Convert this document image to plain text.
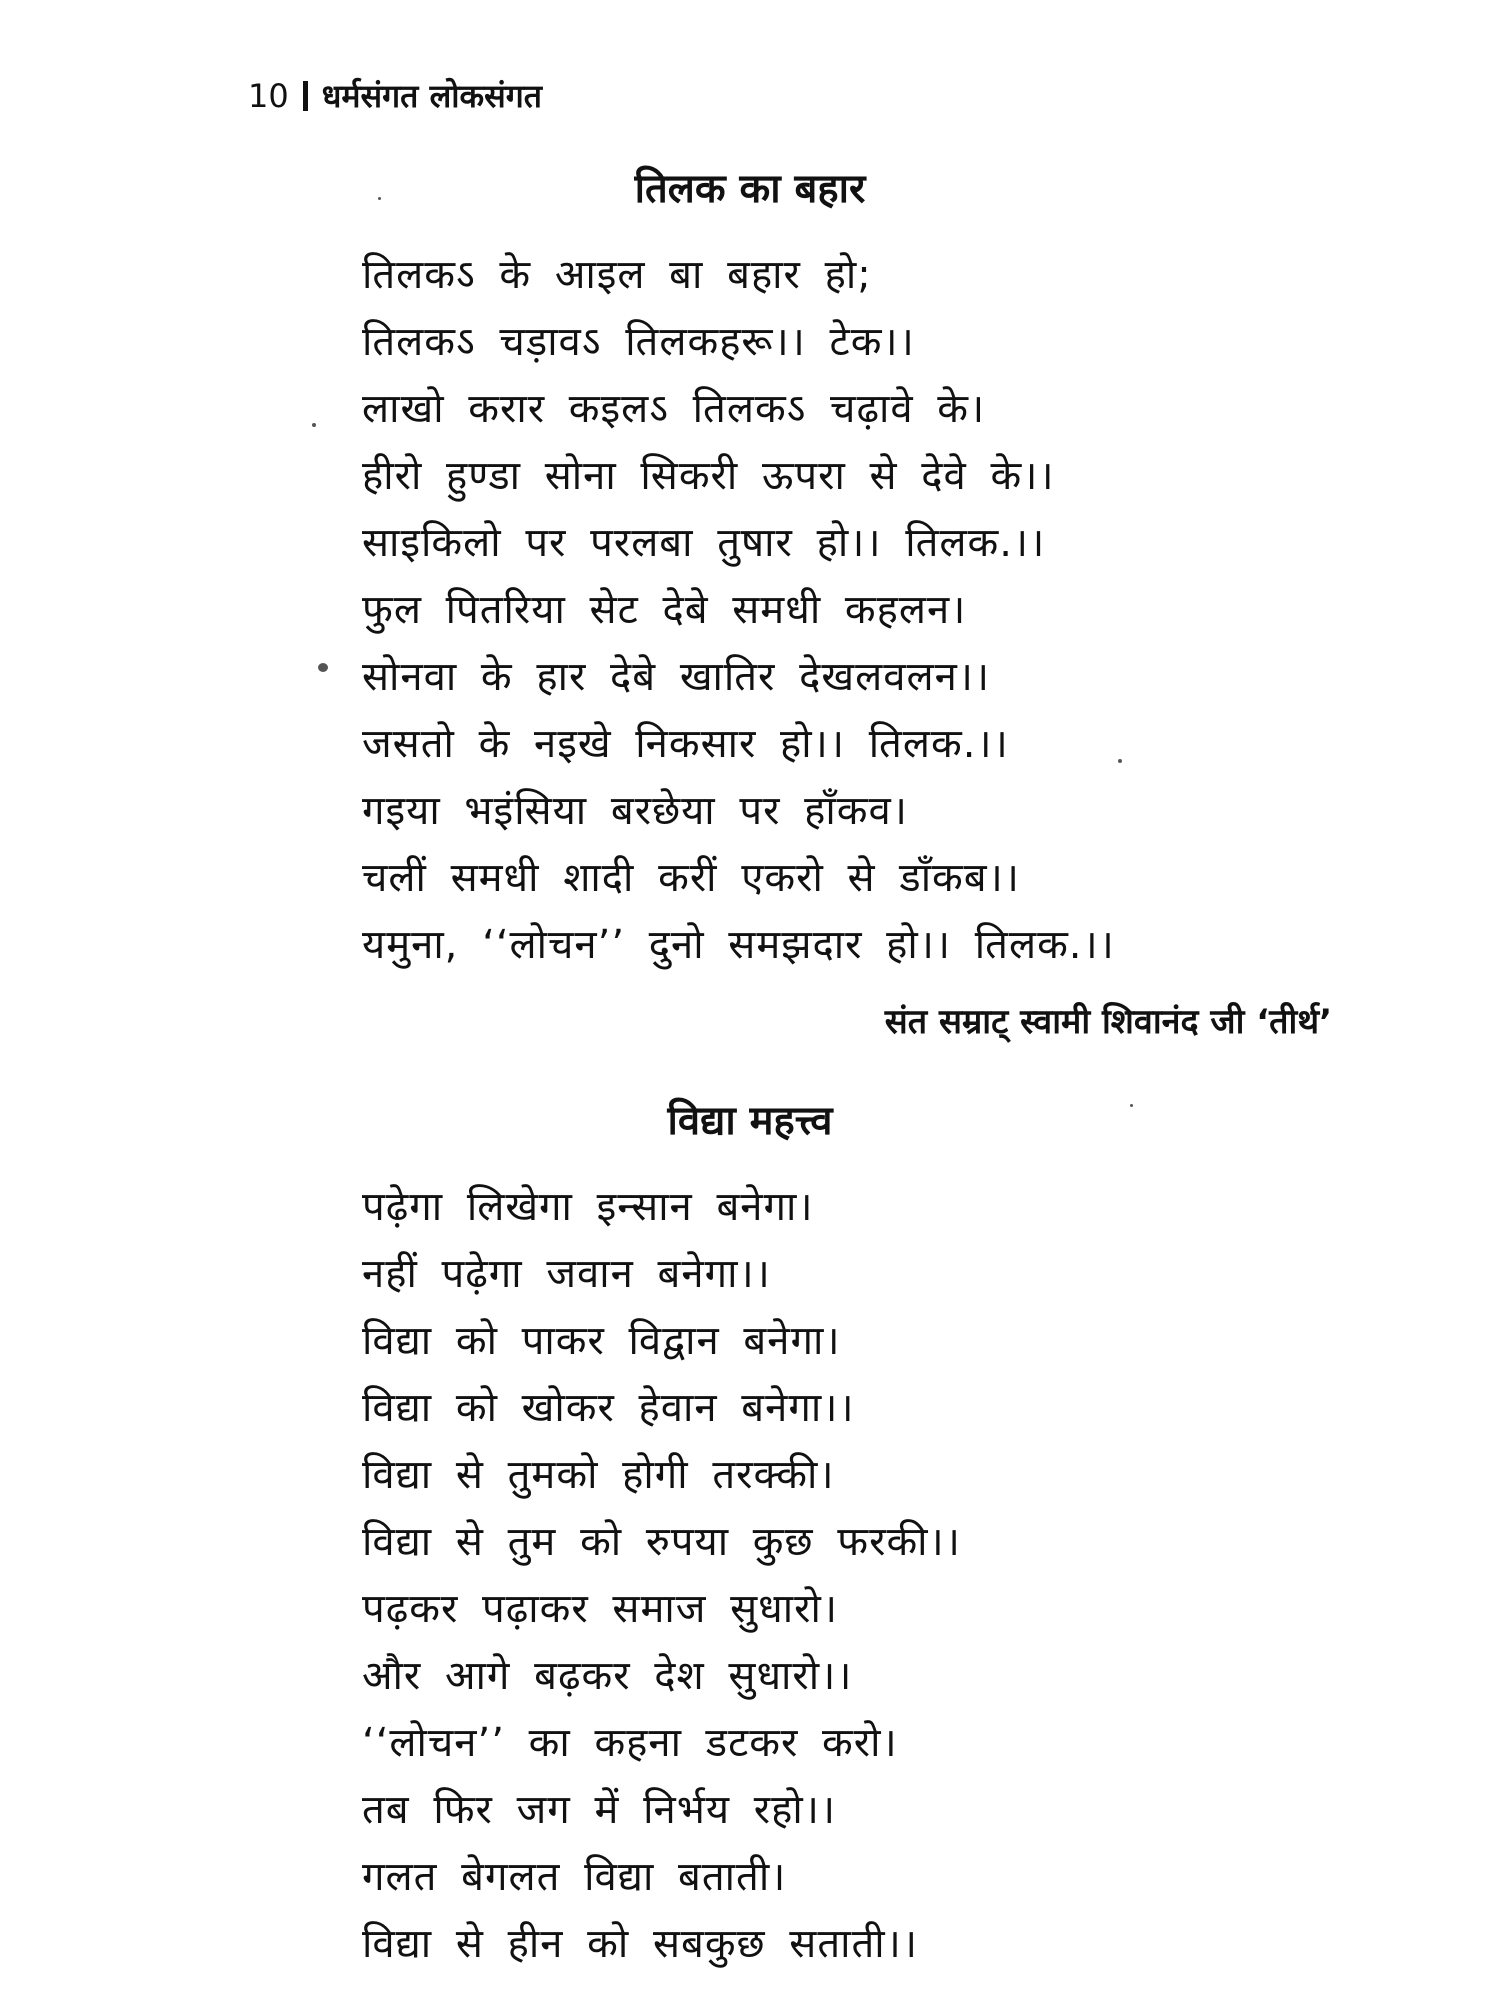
10 धर्मसंगत लोकसंगत
तिलक का बहार
तिलकऽ के आइल बा बहार हो;
तिलकऽ चड़ावऽ तिलकहरू।। टेक।।
लाखो करार कइलऽ तिलकऽ चढ़ावे के।
हीरो हुण्डा सोना सिकरी ऊपरा से देवे के।।
साइकिलो पर परलबा तुषार हो।। तिलक.।।
फुल पितरिया सेट देबे समधी कहलन।
सोनवा के हार देबे खातिर देखलवलन।।
जसतो के नइखे निकसार हो।। तिलक.।।
गइया भइंसिया बरछेया पर हाँकव।
चलीं समधी शादी करीं एकरो से डाँकब।।
यमुना, ‘‘लोचन’’ दुनो समझदार हो।। तिलक.।।
संत सम्राट् स्वामी शिवानंद जी ‘तीर्थ’
विद्या महत्त्व
पढ़ेगा लिखेगा इन्सान बनेगा।
नहीं पढ़ेगा जवान बनेगा।।
विद्या को पाकर विद्वान बनेगा।
विद्या को खोकर हेवान बनेगा।।
विद्या से तुमको होगी तरक्की।
विद्या से तुम को रुपया कुछ फरकी।।
पढ़कर पढ़ाकर समाज सुधारो।
और आगे बढ़कर देश सुधारो।।
‘‘लोचन’’ का कहना डटकर करो।
तब फिर जग में निर्भय रहो।।
गलत बेगलत विद्या बताती।
विद्या से हीन को सबकुछ सताती।।
